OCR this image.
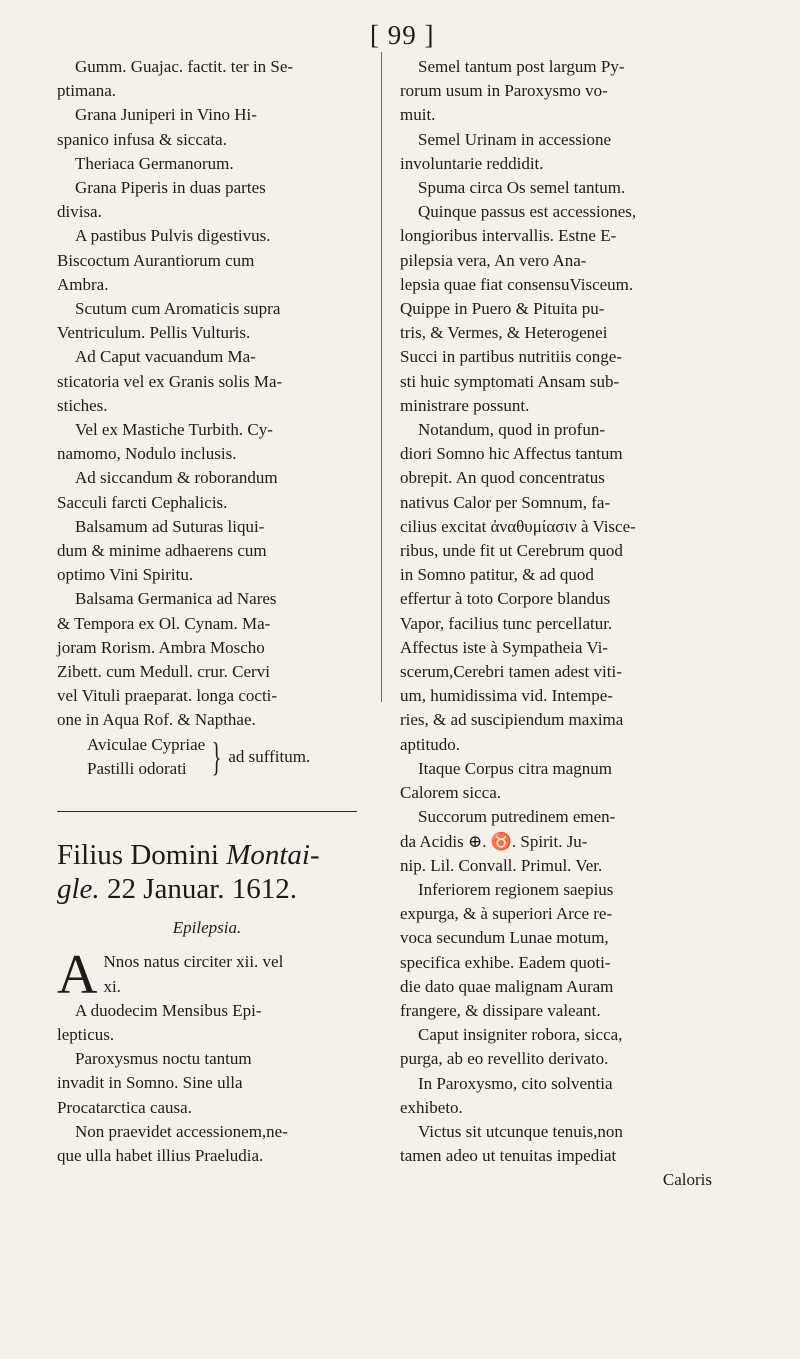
[ 99 ]
Gumm. Guajac. factit. ter in Se-
ptimana.
Grana Juniperi in Vino Hi-
spanico infusa & siccata.
Theriaca Germanorum.
Grana Piperis in duas partes
divisa.
A pastibus Pulvis digestivus.
Biscoctum Aurantiorum cum
Ambra.
Scutum cum Aromaticis supra
Ventriculum. Pellis Vulturis.
Ad Caput vacuandum Ma-
sticatoria vel ex Granis solis Ma-
stiches.
Vel ex Mastiche Turbith. Cy-
namomo, Nodulo inclusis.
Ad siccandum & roborandum
Sacculi farcti Cephalicis.
Balsamum ad Suturas liqui-
dum & minime adhaerens cum
optimo Vini Spiritu.
Balsama Germanica ad Nares
& Tempora ex Ol. Cynam. Ma-
joram Rorism. Ambra Moscho
Zibett. cum Medull. crur. Cervi
vel Vituli praeparat. longa cocti-
one in Aqua Rof. & Napthae.
Aviculae Cypriae
Pastilli odorati } ad suffitum.
Filius Domini Montai-
gle. 22 Januar. 1612.
Epilepsia.
A Nnos natus circiter xii. vel
xi.
A duodecim Mensibus Epi-
lepticus.
Paroxysmus noctu tantum
invadit in Somno. Sine ulla
Procatarctica causa.
Non praevidet accessionem,ne-
que ulla habet illius Praeludia.
Semel tantum post largum Py-
rorum usum in Paroxysmo vo-
muit.
Semel Urinam in accessione
involuntarie reddidit.
Spuma circa Os semel tantum.
Quinque passus est accessiones,
longioribus intervallis. Estne E-
pilepsia vera, An vero Ana-
lepsia quae fiat consensuVisceum.
Quippe in Puero & Pituita pu-
tris, & Vermes, & Heterogenei
Succi in partibus nutritiis conge-
sti huic symptomati Ansam sub-
ministrare possunt.
Notandum, quod in profun-
diori Somno hic Affectus tantum
obrepit. An quod concentratus
nativus Calor per Somnum, fa-
cilius excitat ἀναθυμίασιν à Visce-
ribus, unde fit ut Cerebrum quod
in Somno patitur, & ad quod
effertur à toto Corpore blandus
Vapor, facilius tunc percellatur.
Affectus iste à Sympatheia Vi-
scerum,Cerebri tamen adest viti-
um, humidissima vid. Intempe-
ries, & ad suscipiendum maxima
aptitudo.
Itaque Corpus citra magnum
Calorem sicca.
Succorum putredinem emen-
da Acidis ⊕. ♉. Spirit. Ju-
nip. Lil. Convall. Primul. Ver.
Inferiorem regionem saepius
expurga, & à superiori Arce re-
voca secundum Lunae motum,
specifica exhibe. Eadem quoti-
die dato quae malignam Auram
frangere, & dissipare valeant.
Caput insigniter robora, sicca,
purga, ab eo revellito derivato.
In Paroxysmo, cito solventia
exhibeto.
Victus sit utcunque tenuis,non
tamen adeo ut tenuitas impediat
Caloris
